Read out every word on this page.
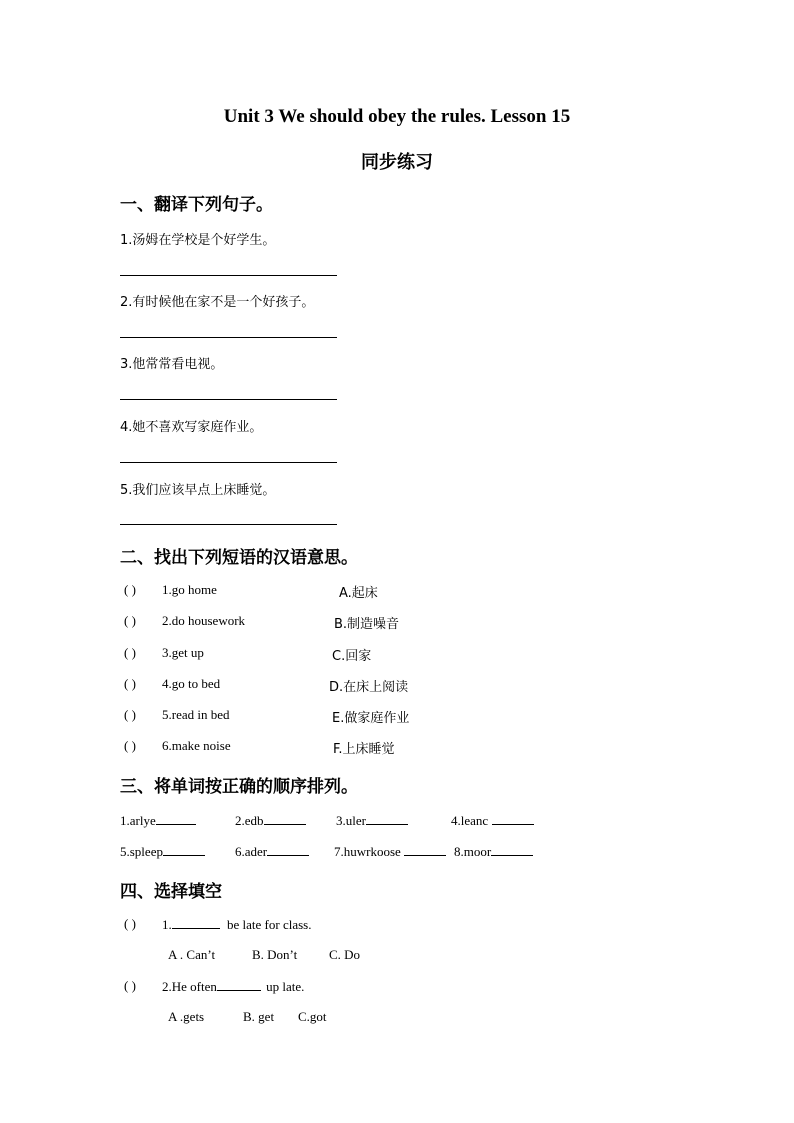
Unit 3 We should obey the rules. Lesson 15
同步练习
一、翻译下列句子。
1.汤姆在学校是个好学生。
2.有时候他在家不是一个好孩子。
3.他常常看电视。
4.她不喜欢写家庭作业。
5.我们应该早点上床睡觉。
二、找出下列短语的汉语意思。
( ) 1.go home	A.起床
( ) 2.do housework	B.制造噪音
( ) 3.get up	C.回家
( ) 4.go to bed	D.在床上阅读
( ) 5.read in bed	E.做家庭作业
( ) 6.make noise	F.上床睡觉
三、将单词按正确的顺序排列。
1.arlye	2.edb	3.uler	4.leanc
5.spleep	6.ader	7.huwrkoose	8.moor
四、选择填空
( ) 1.	be late for class.
A . Can’t	B. Don’t C. Do
( ) 2.He often	up late.
A .gets	B. get C.got
